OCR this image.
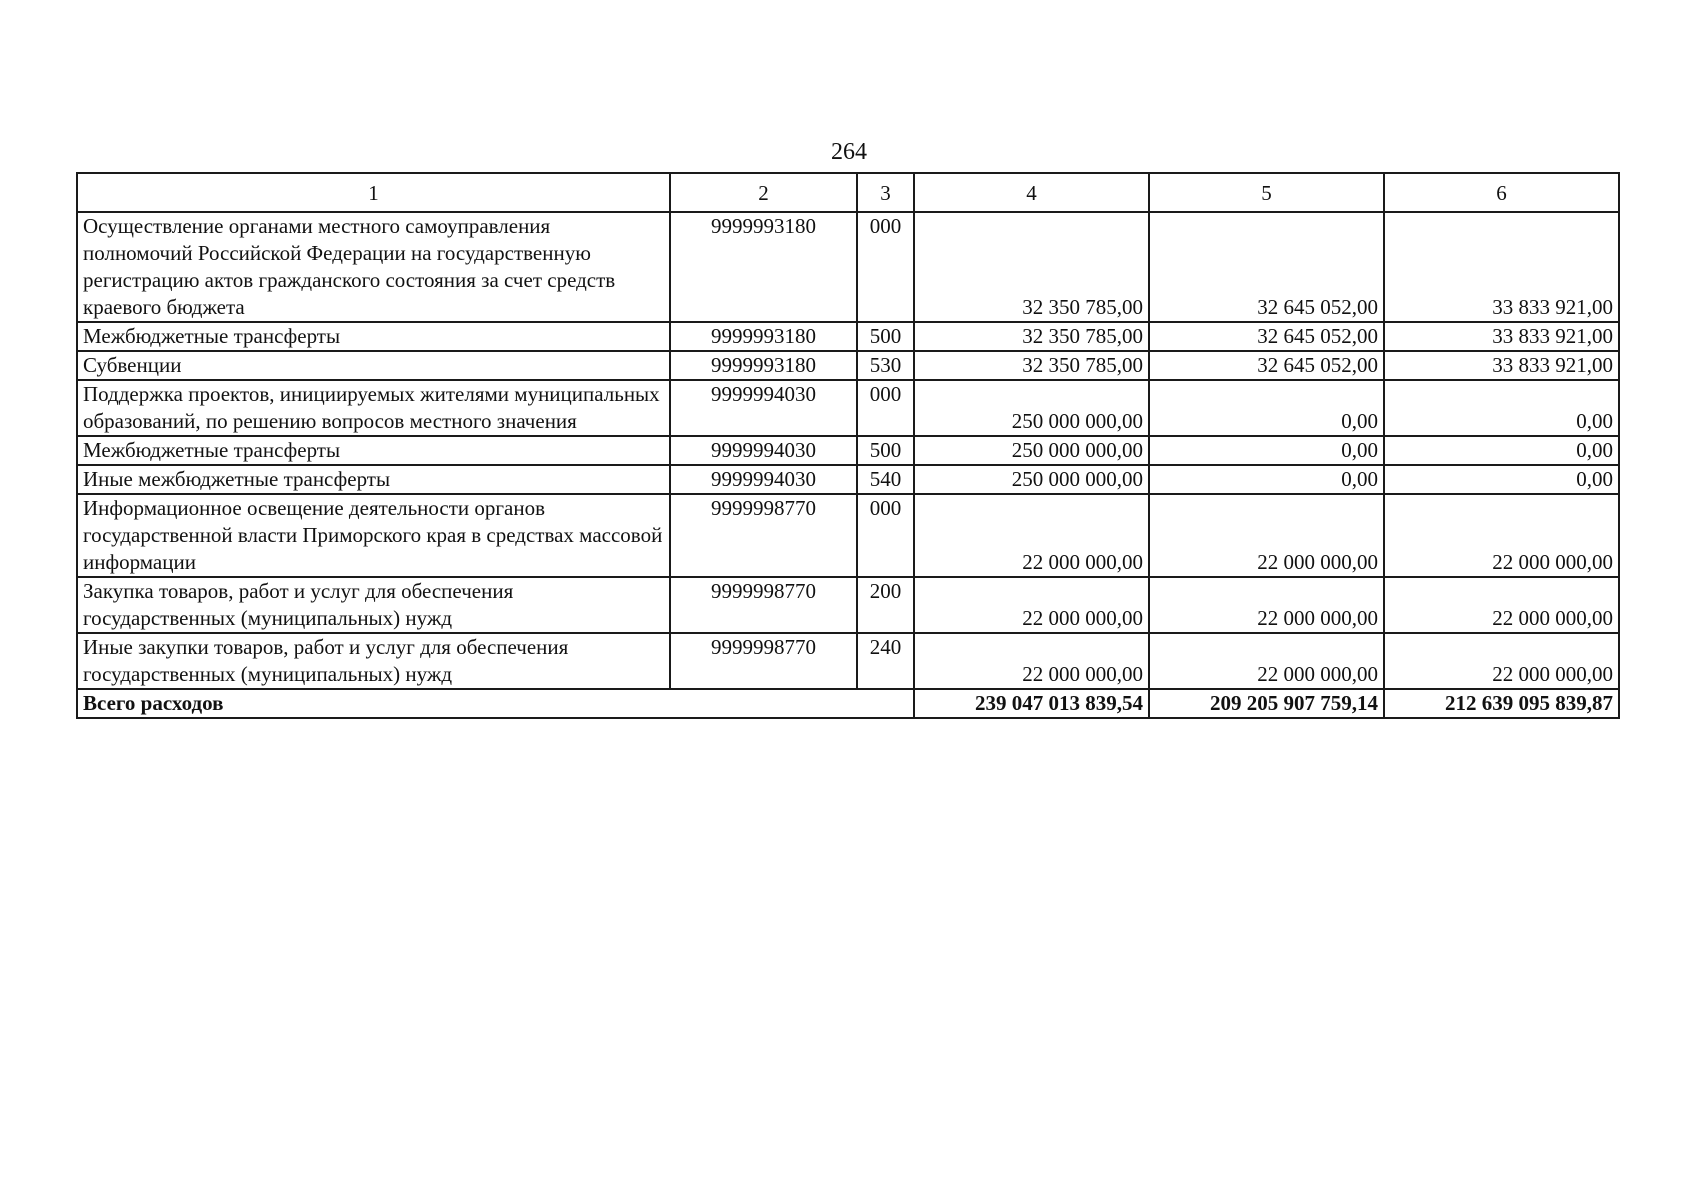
264
1	2	3	4	5	6
Осуществление органами местного самоуправления полномочий Российской Федерации на государственную регистрацию актов гражданского состояния за счет средств краевого бюджета	9999993180	000	32 350 785,00	32 645 052,00	33 833 921,00
Межбюджетные трансферты	9999993180	500	32 350 785,00	32 645 052,00	33 833 921,00
Субвенции	9999993180	530	32 350 785,00	32 645 052,00	33 833 921,00
Поддержка проектов, инициируемых жителями муниципальных образований, по решению вопросов местного значения	9999994030	000	250 000 000,00	0,00	0,00
Межбюджетные трансферты	9999994030	500	250 000 000,00	0,00	0,00
Иные межбюджетные трансферты	9999994030	540	250 000 000,00	0,00	0,00
Информационное освещение деятельности органов государственной власти Приморского края в средствах массовой информации	9999998770	000	22 000 000,00	22 000 000,00	22 000 000,00
Закупка товаров, работ и услуг для обеспечения государственных (муниципальных) нужд	9999998770	200	22 000 000,00	22 000 000,00	22 000 000,00
Иные закупки товаров, работ и услуг для обеспечения государственных (муниципальных) нужд	9999998770	240	22 000 000,00	22 000 000,00	22 000 000,00
Всего расходов			239 047 013 839,54	209 205 907 759,14	212 639 095 839,87
